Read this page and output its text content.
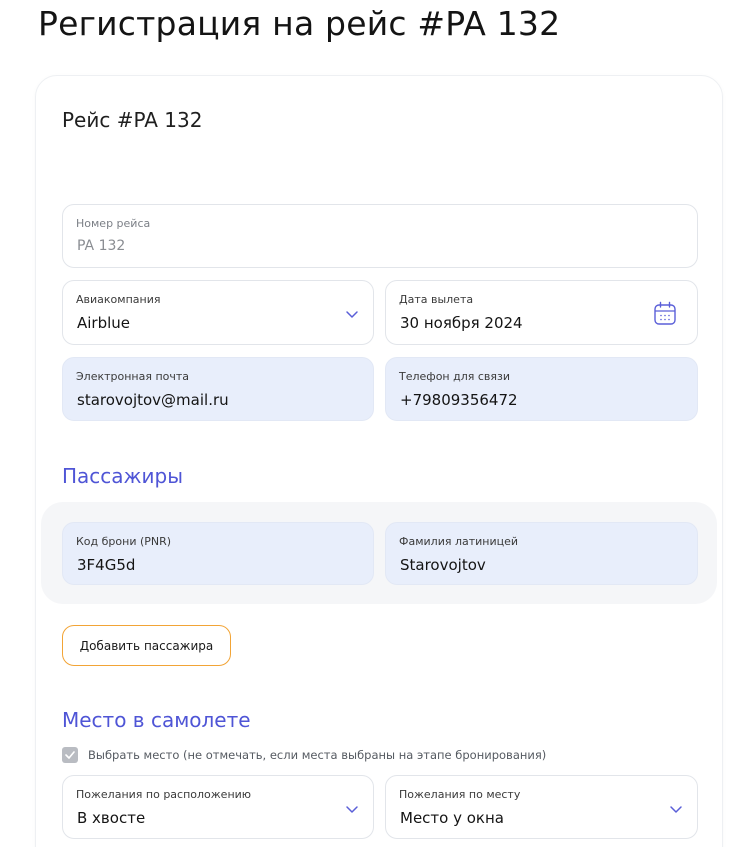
Регистрация на рейс #PA 132
Рейс #PA 132
Номер рейса
PA 132
Авиакомпания
Airblue
Дата вылета
30 ноября 2024
Электронная почта
starovojtov@mail.ru
Телефон для связи
+79809356472
Пассажиры
Код брони (PNR)
3F4G5d
Фамилия латиницей
Starovojtov
Добавить пассажира
Место в самолете
Выбрать место (не отмечать, если места выбраны на этапе бронирования)
Пожелания по расположению
В хвосте
Пожелания по месту
Место у окна
